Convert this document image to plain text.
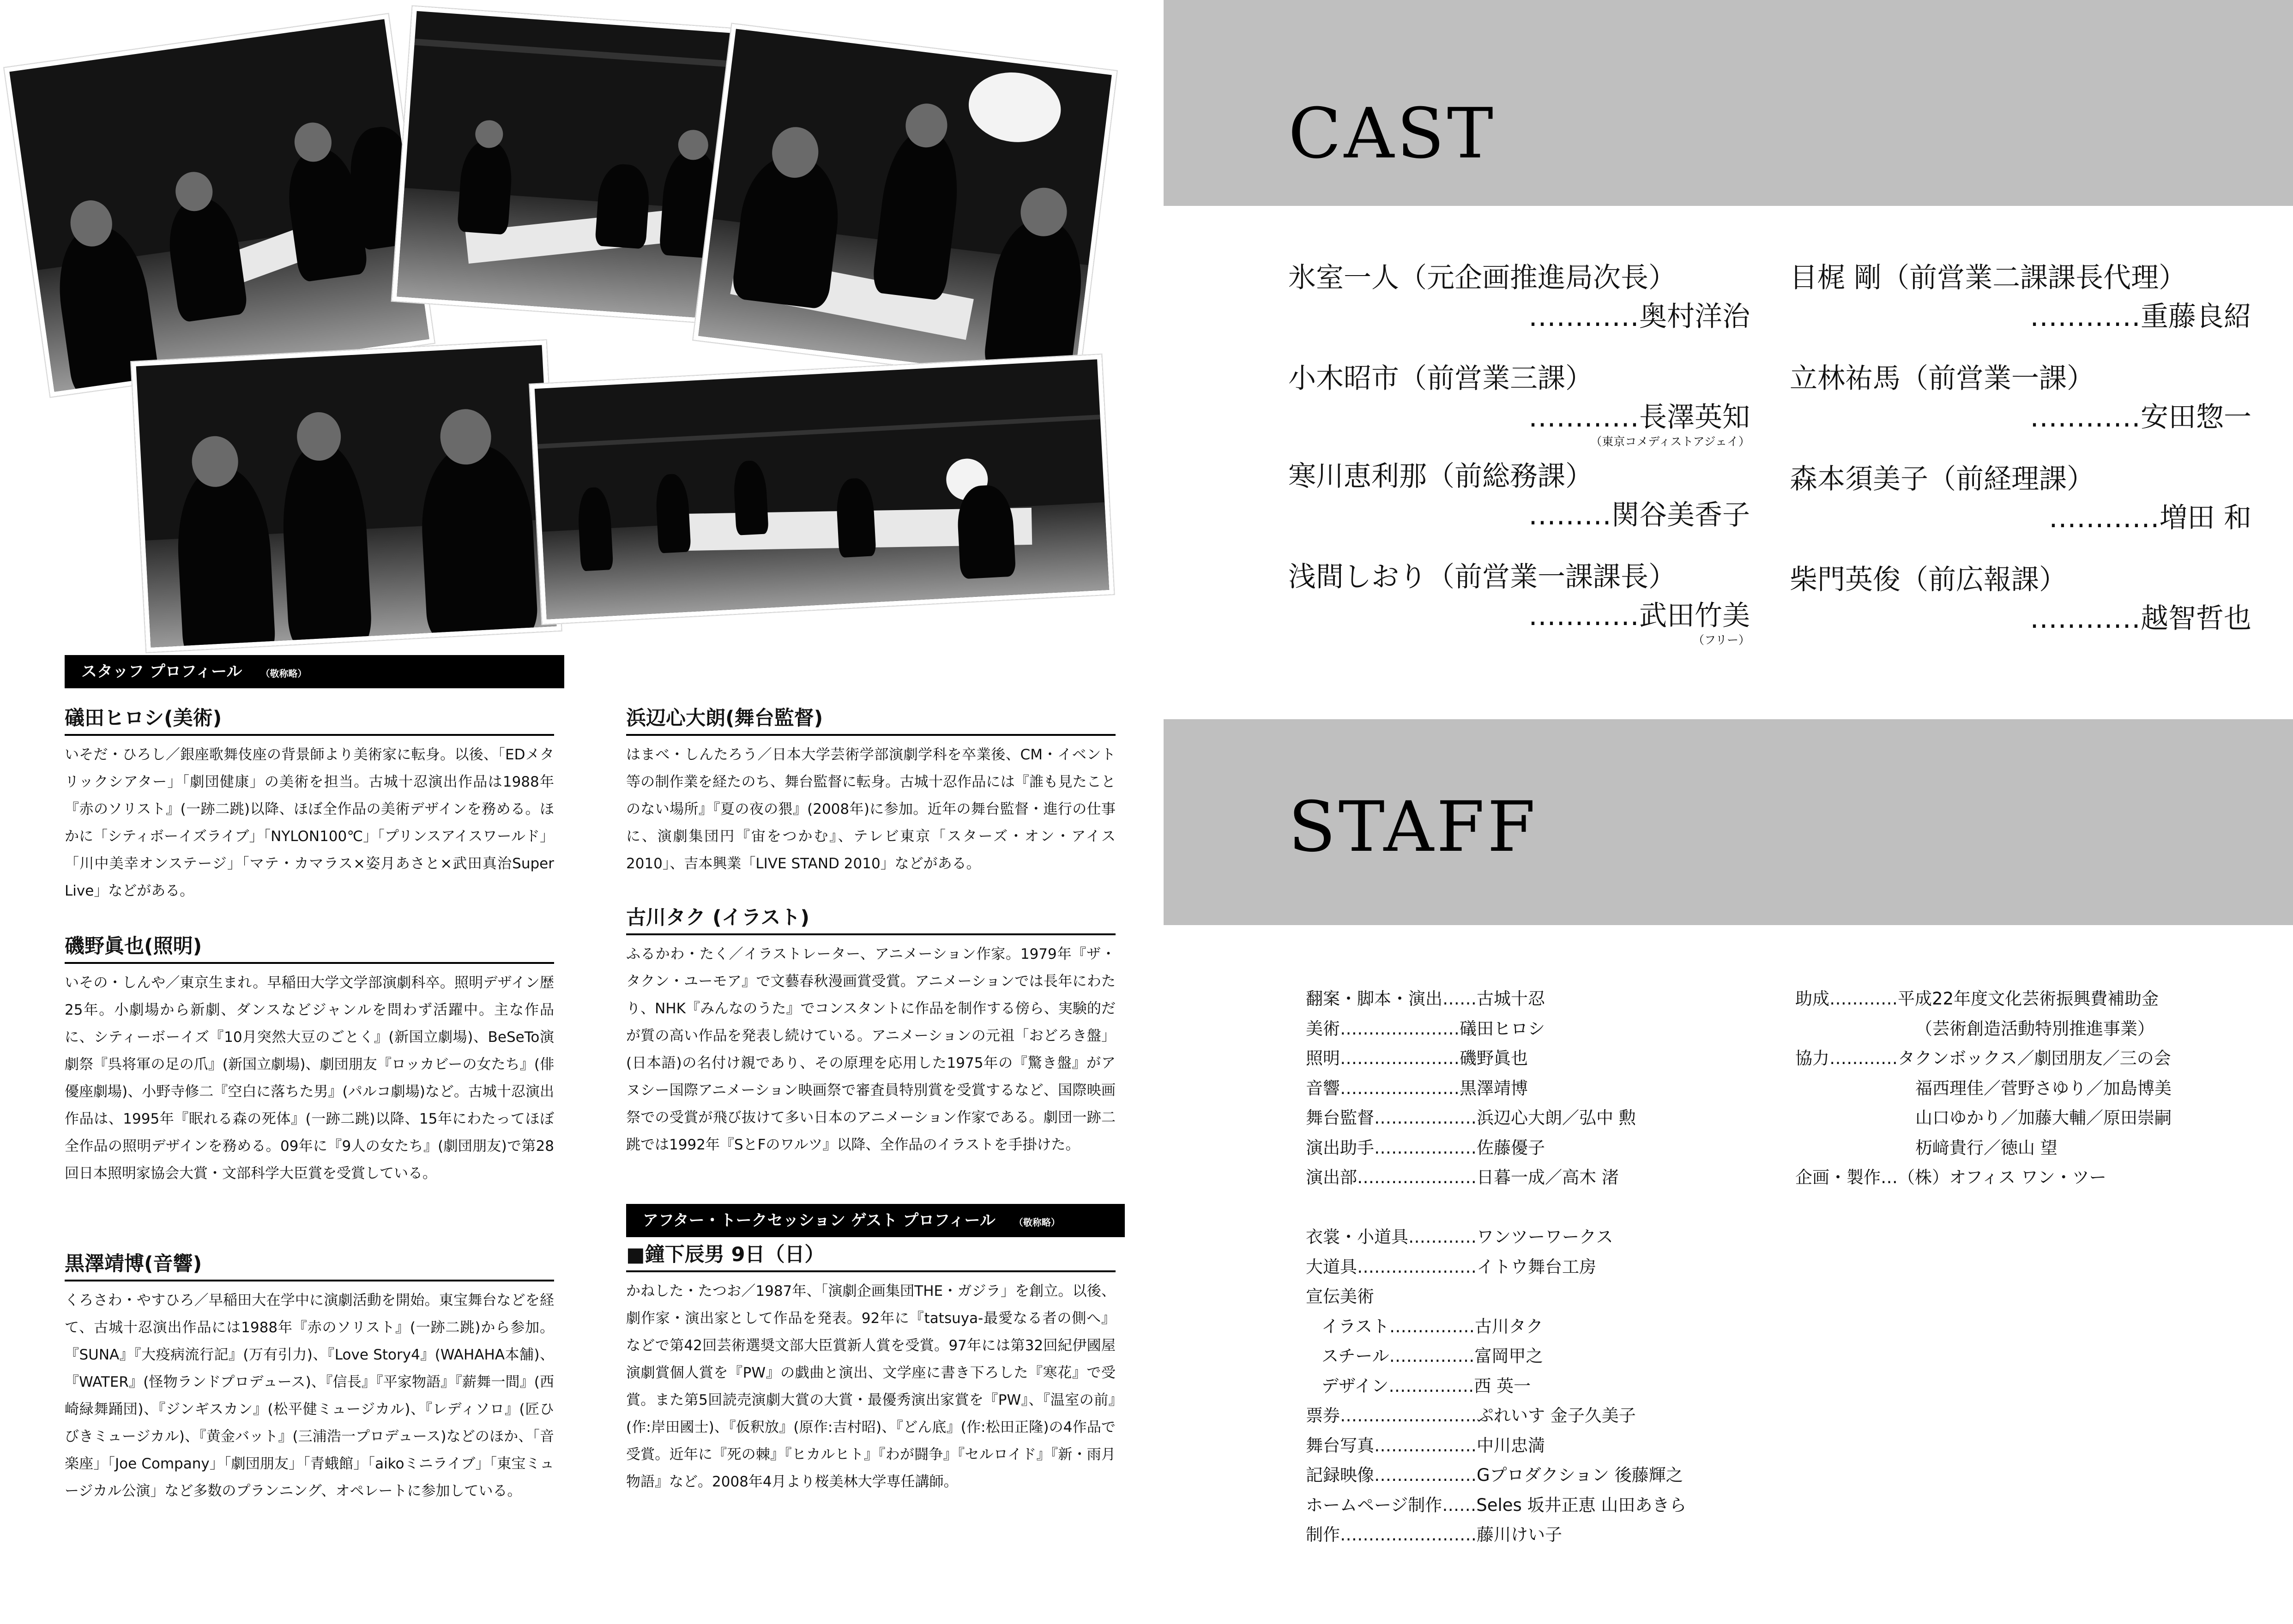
スタッフ プロフィール （敬称略）
礒田ヒロシ(美術)
いそだ・ひろし／銀座歌舞伎座の背景師より美術家に転身。以後、「EDメタリックシアター」「劇団健康」の美術を担当。古城十忍演出作品は1988年『赤のソリスト』(一跡二跳)以降、ほぼ全作品の美術デザインを務める。ほかに「シティボーイズライブ」「NYLON100℃」「プリンスアイスワールド」「川中美幸オンステージ」「マテ・カマラス×姿月あさと×武田真治Super Live」などがある。
磯野眞也(照明)
いその・しんや／東京生まれ。早稲田大学文学部演劇科卒。照明デザイン歴25年。小劇場から新劇、ダンスなどジャンルを問わず活躍中。主な作品に、シティーボーイズ『10月突然大豆のごとく』(新国立劇場)、BeSeTo演劇祭『呉将軍の足の爪』(新国立劇場)、劇団朋友『ロッカビーの女たち』(俳優座劇場)、小野寺修二『空白に落ちた男』(パルコ劇場)など。古城十忍演出作品は、1995年『眠れる森の死体』(一跡二跳)以降、15年にわたってほぼ全作品の照明デザインを務める。09年に『9人の女たち』(劇団朋友)で第28回日本照明家協会大賞・文部科学大臣賞を受賞している。
黒澤靖博(音響)
くろさわ・やすひろ／早稲田大在学中に演劇活動を開始。東宝舞台などを経て、古城十忍演出作品には1988年『赤のソリスト』(一跡二跳)から参加。『SUNA』『大疫病流行記』(万有引力)、『Love Story4』(WAHAHA本舗)、『WATER』(怪物ランドプロデュース)、『信長』『平家物語』『薪舞一間』(西崎緑舞踊団)、『ジンギスカン』(松平健ミュージカル)、『レディソロ』(匠ひびきミュージカル)、『黄金バット』(三浦浩一プロデュース)などのほか、「音楽座」「Joe Company」「劇団朋友」「青蛾館」「aikoミニライブ」「東宝ミュージカル公演」など多数のプランニング、オペレートに参加している。
浜辺心大朗(舞台監督)
はまべ・しんたろう／日本大学芸術学部演劇学科を卒業後、CM・イベント等の制作業を経たのち、舞台監督に転身。古城十忍作品には『誰も見たことのない場所』『夏の夜の猥』(2008年)に参加。近年の舞台監督・進行の仕事に、演劇集団円『宙をつかむ』、テレビ東京「スターズ・オン・アイス2010」、吉本興業「LIVE STAND 2010」などがある。
古川タク (イラスト)
ふるかわ・たく／イラストレーター、アニメーション作家。1979年『ザ・タクン・ユーモア』で文藝春秋漫画賞受賞。アニメーションでは長年にわたり、NHK『みんなのうた』でコンスタントに作品を制作する傍ら、実験的だが質の高い作品を発表し続けている。アニメーションの元祖「おどろき盤」(日本語)の名付け親であり、その原理を応用した1975年の『驚き盤』がアヌシー国際アニメーション映画祭で審査員特別賞を受賞するなど、国際映画祭での受賞が飛び抜けて多い日本のアニメーション作家である。劇団一跡二跳では1992年『SとFのワルツ』以降、全作品のイラストを手掛けた。
アフター・トークセッション ゲスト プロフィール （敬称略）
■鐘下辰男 9日（日）
かねした・たつお／1987年、「演劇企画集団THE・ガジラ」を創立。以後、劇作家・演出家として作品を発表。92年に『tatsuya-最愛なる者の側へ』などで第42回芸術選奨文部大臣賞新人賞を受賞。97年には第32回紀伊國屋演劇賞個人賞を『PW』の戯曲と演出、文学座に書き下ろした『寒花』で受賞。また第5回読売演劇大賞の大賞・最優秀演出家賞を『PW』、『温室の前』(作:岸田國士)、『仮釈放』(原作:吉村昭)、『どん底』(作:松田正隆)の4作品で受賞。近年に『死の棘』『ヒカルヒト』『わが闘争』『セルロイド』『新・雨月物語』など。2008年4月より桜美林大学専任講師。
CAST
氷室一人（元企画推進局次長）
…………奥村洋治
小木昭市（前営業三課）
…………長澤英知
（東京コメディストアジェイ）
寒川恵利那（前総務課）
………関谷美香子
浅間しおり（前営業一課課長）
…………武田竹美
（フリー）
目梶 剛（前営業二課課長代理）
…………重藤良紹
立林祐馬（前営業一課）
…………安田惣一
森本須美子（前経理課）
…………増田 和
柴門英俊（前広報課）
…………越智哲也
STAFF
翻案・脚本・演出……古城十忍
美術…………………礒田ヒロシ
照明…………………磯野眞也
音響…………………黒澤靖博
舞台監督………………浜辺心大朗／弘中 勲
演出助手………………佐藤優子
演出部…………………日暮一成／高木 渚
衣裳・小道具…………ワンツーワークス
大道具…………………イトウ舞台工房
宣伝美術
イラスト……………古川タク
スチール……………富岡甲之
デザイン……………西 英一
票券……………………ぷれいす 金子久美子
舞台写真………………中川忠満
記録映像………………Gプロダクション 後藤輝之
ホームページ制作……Seles 坂井正恵 山田あきら
制作……………………藤川けい子
助成…………平成22年度文化芸術振興費補助金
（芸術創造活動特別推進事業）
協力…………タクンボックス／劇団朋友／三の会
福西理佳／菅野さゆり／加島博美
山口ゆかり／加藤大輔／原田崇嗣
杤﨑貴行／徳山 望
企画・製作…（株）オフィス ワン・ツー
